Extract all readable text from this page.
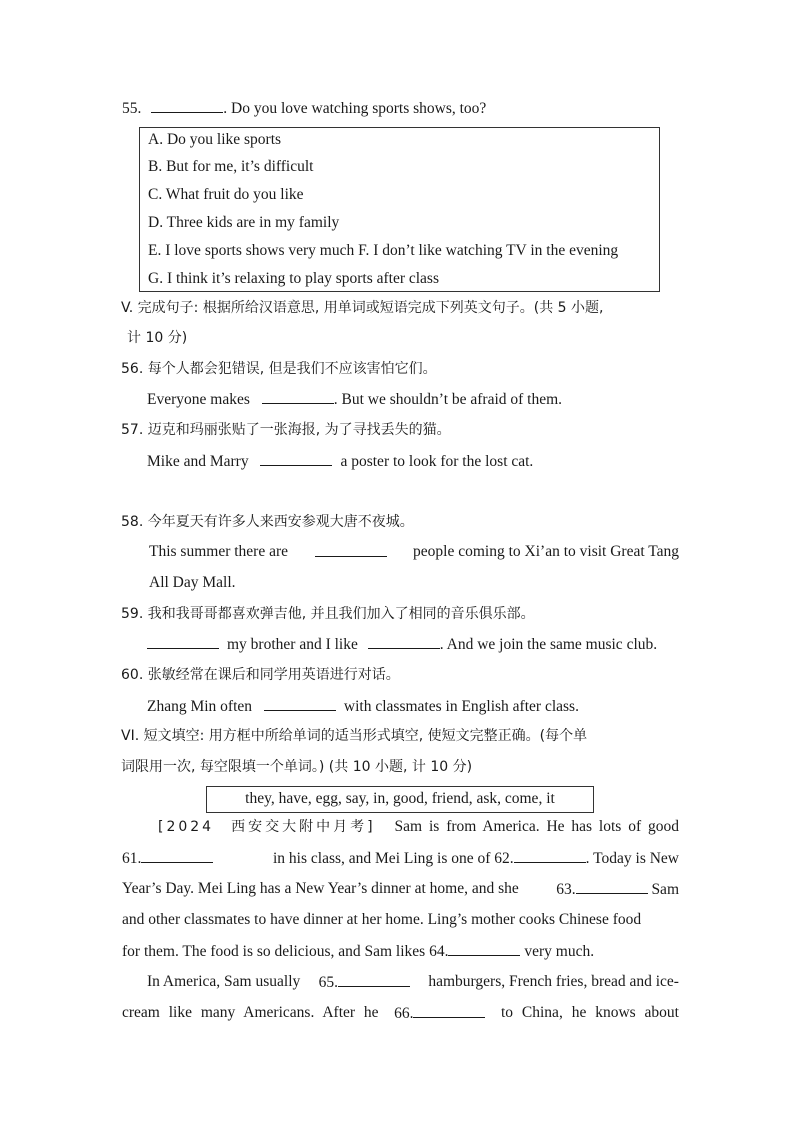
55.	. Do you love watching sports shows, too?
A. Do you like sports
B. But for me, it’s difficult
C. What fruit do you like
D. Three kids are in my family
E. I love sports shows very much F. I don’t like watching TV in the evening
G. I think it’s relaxing to play sports after class
V. 完成句子: 根据所给汉语意思, 用单词或短语完成下列英文句子。(共 5 小题,
计 10 分)
56. 每个人都会犯错误, 但是我们不应该害怕它们。
Everyone makes	. But we shouldn’t be afraid of them.
57. 迈克和玛丽张贴了一张海报, 为了寻找丢失的猫。
Mike and Marry	a poster to look for the lost cat.
58. 今年夏天有许多人来西安参观大唐不夜城。
This summer there are	people coming to Xi’an to visit Great Tang
All Day Mall.
59. 我和我哥哥都喜欢弹吉他, 并且我们加入了相同的音乐俱乐部。
my brother and I like	. And we join the same music club.
60. 张敏经常在课后和同学用英语进行对话。
Zhang Min often	with classmates in English after class.
VI. 短文填空: 用方框中所给单词的适当形式填空, 使短文完整正确。(每个单
词限用一次, 每空限填一个单词。) (共 10 小题, 计 10 分)
they, have, egg, say, in, good, friend, ask, come, it
[2024　西安交大附中月考] Sam is from America. He has lots of good
61.	in his class, and Mei Ling is one of 62.	. Today is New
Year’s Day. Mei Ling has a New Year’s dinner at home, and she 63.	Sam
and other classmates to have dinner at her home. Ling’s mother cooks Chinese food
for them. The food is so delicious, and Sam likes 64.	very much.
In America, Sam usually 65.	hamburgers, French fries, bread and ice-
cream like many Americans. After he 66.	to China, he knows about
